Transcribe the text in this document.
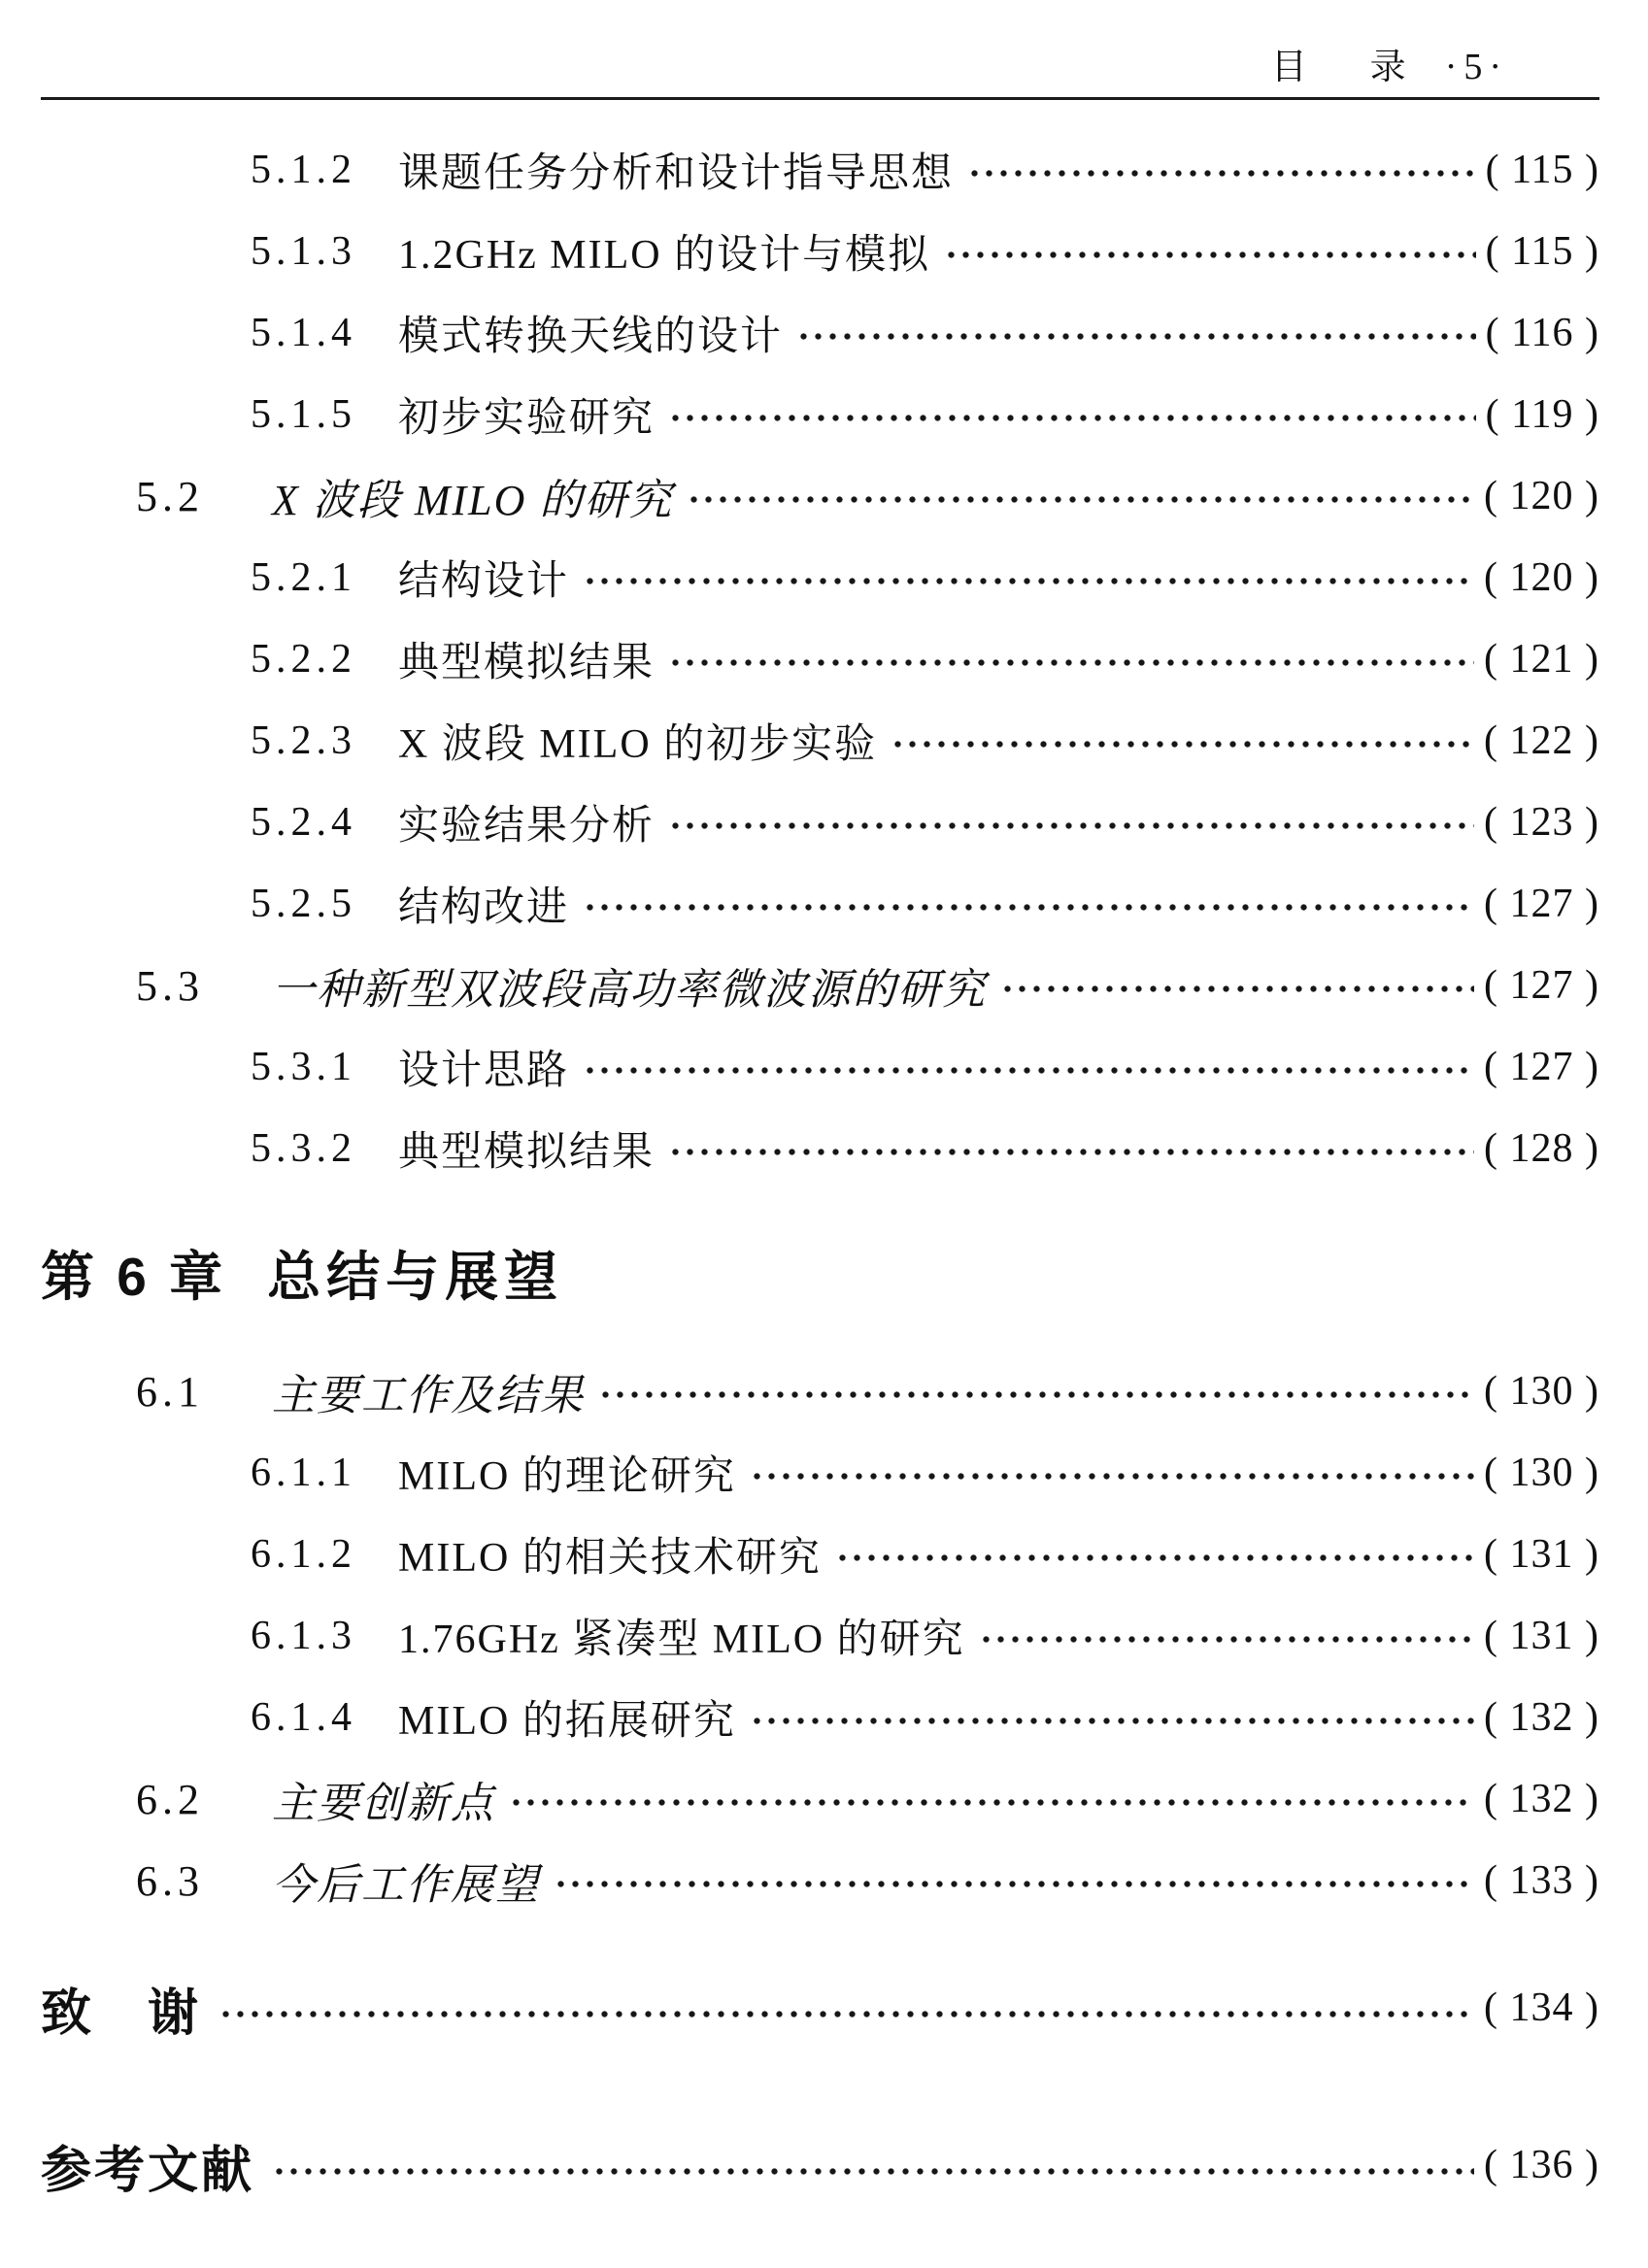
目　录 ·5·
5.1.2	课题任务分析和设计指导思想	( 115 )
5.1.3	1.2GHz MILO 的设计与模拟	( 115 )
5.1.4	模式转换天线的设计	( 116 )
5.1.5	初步实验研究	( 119 )
5.2	X 波段 MILO 的研究	( 120 )
5.2.1	结构设计	( 120 )
5.2.2	典型模拟结果	( 121 )
5.2.3	X 波段 MILO 的初步实验	( 122 )
5.2.4	实验结果分析	( 123 )
5.2.5	结构改进	( 127 )
5.3	一种新型双波段高功率微波源的研究	( 127 )
5.3.1	设计思路	( 127 )
5.3.2	典型模拟结果	( 128 )
第 6 章 总结与展望
6.1	主要工作及结果	( 130 )
6.1.1	MILO 的理论研究	( 130 )
6.1.2	MILO 的相关技术研究	( 131 )
6.1.3	1.76GHz 紧凑型 MILO 的研究	( 131 )
6.1.4	MILO 的拓展研究	( 132 )
6.2	主要创新点	( 132 )
6.3	今后工作展望	( 133 )
致　谢	( 134 )
参考文献	( 136 )
